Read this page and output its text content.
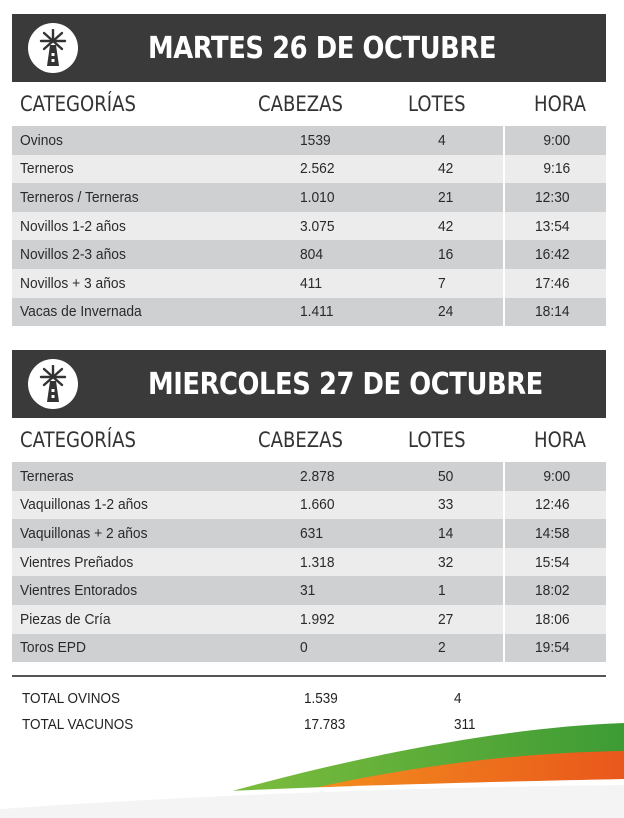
MARTES 26 DE OCTUBRE
CATEGORÍAS	CABEZAS	LOTES	HORA
Ovinos	1539	4	9:00
Terneros	2.562	42	9:16
Terneros / Terneras	1.010	21	12:30
Novillos 1-2 años	3.075	42	13:54
Novillos 2-3 años	804	16	16:42
Novillos + 3 años	411	7	17:46
Vacas de Invernada	1.411	24	18:14
MIERCOLES 27 DE OCTUBRE
CATEGORÍAS	CABEZAS	LOTES	HORA
Terneras	2.878	50	9:00
Vaquillonas 1-2 años	1.660	33	12:46
Vaquillonas + 2 años	631	14	14:58
Vientres Preñados	1.318	32	15:54
Vientres Entorados	31	1	18:02
Piezas de Cría	1.992	27	18:06
Toros EPD	0	2	19:54
TOTAL OVINOS	1.539	4
TOTAL VACUNOS	17.783	311
